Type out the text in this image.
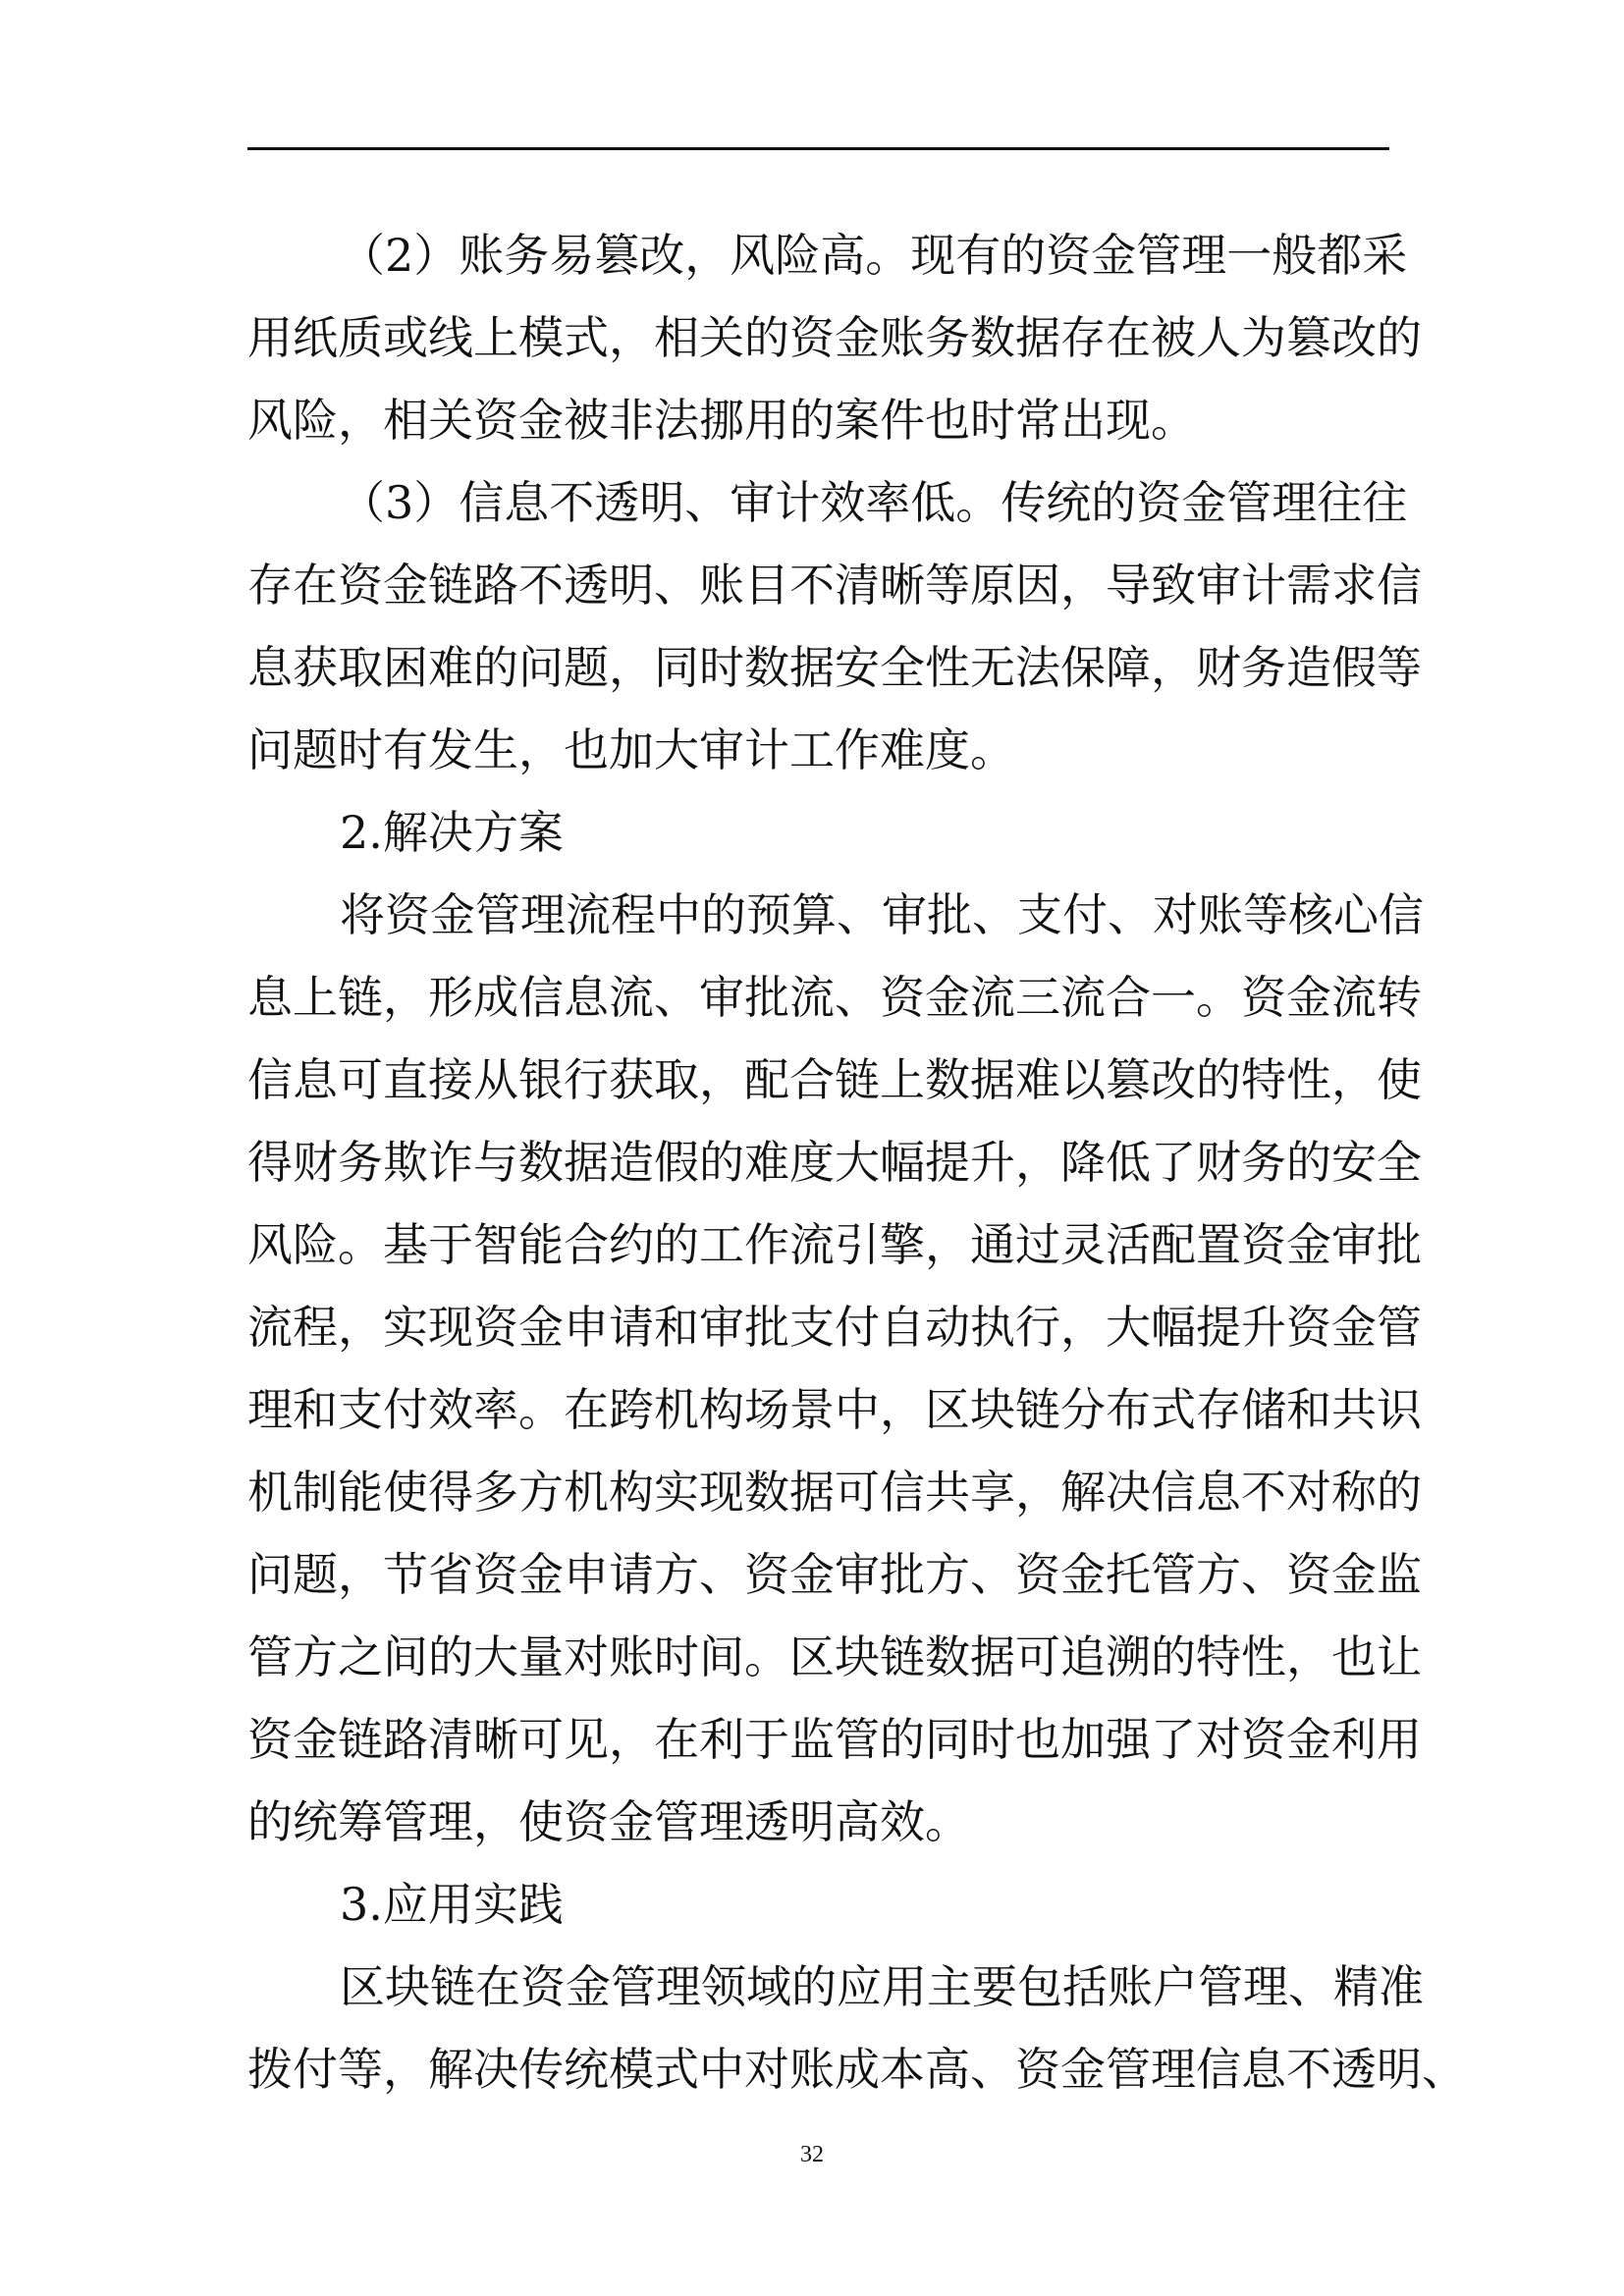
（2）账务易篡改，风险高。现有的资金管理一般都采
用纸质或线上模式，相关的资金账务数据存在被人为篡改的
风险，相关资金被非法挪用的案件也时常出现。
（3）信息不透明、审计效率低。传统的资金管理往往
存在资金链路不透明、账目不清晰等原因，导致审计需求信
息获取困难的问题，同时数据安全性无法保障，财务造假等
问题时有发生，也加大审计工作难度。
2.解决方案
将资金管理流程中的预算、审批、支付、对账等核心信
息上链，形成信息流、审批流、资金流三流合一。资金流转
信息可直接从银行获取，配合链上数据难以篡改的特性，使
得财务欺诈与数据造假的难度大幅提升，降低了财务的安全
风险。基于智能合约的工作流引擎，通过灵活配置资金审批
流程，实现资金申请和审批支付自动执行，大幅提升资金管
理和支付效率。在跨机构场景中，区块链分布式存储和共识
机制能使得多方机构实现数据可信共享，解决信息不对称的
问题，节省资金申请方、资金审批方、资金托管方、资金监
管方之间的大量对账时间。区块链数据可追溯的特性，也让
资金链路清晰可见，在利于监管的同时也加强了对资金利用
的统筹管理，使资金管理透明高效。
3.应用实践
区块链在资金管理领域的应用主要包括账户管理、精准
拨付等，解决传统模式中对账成本高、资金管理信息不透明、
32
